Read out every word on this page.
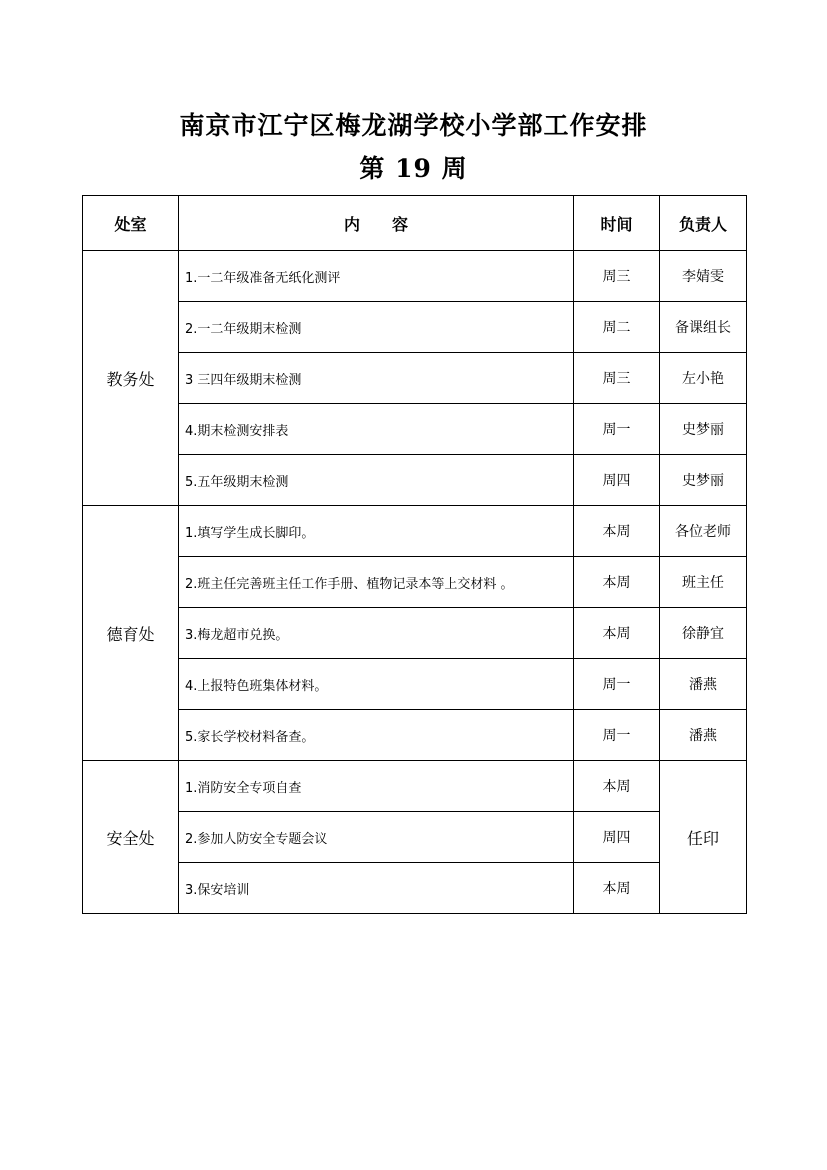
南京市江宁区梅龙湖学校小学部工作安排
第 19 周
处室	内　　容	时间	负责人
教务处	1.一二年级准备无纸化测评	周三	李婧雯
	2.一二年级期末检测	周二	备课组长
	3 三四年级期末检测	周三	左小艳
	4.期末检测安排表	周一	史梦丽
	5.五年级期末检测	周四	史梦丽
德育处	1.填写学生成长脚印。	本周	各位老师
	2.班主任完善班主任工作手册、植物记录本等上交材料 。	本周	班主任
	3.梅龙超市兑换。	本周	徐静宜
	4.上报特色班集体材料。	周一	潘燕
	5.家长学校材料备查。	周一	潘燕
安全处	1.消防安全专项自查	本周	任印
	2.参加人防安全专题会议	周四	
	3.保安培训	本周	
